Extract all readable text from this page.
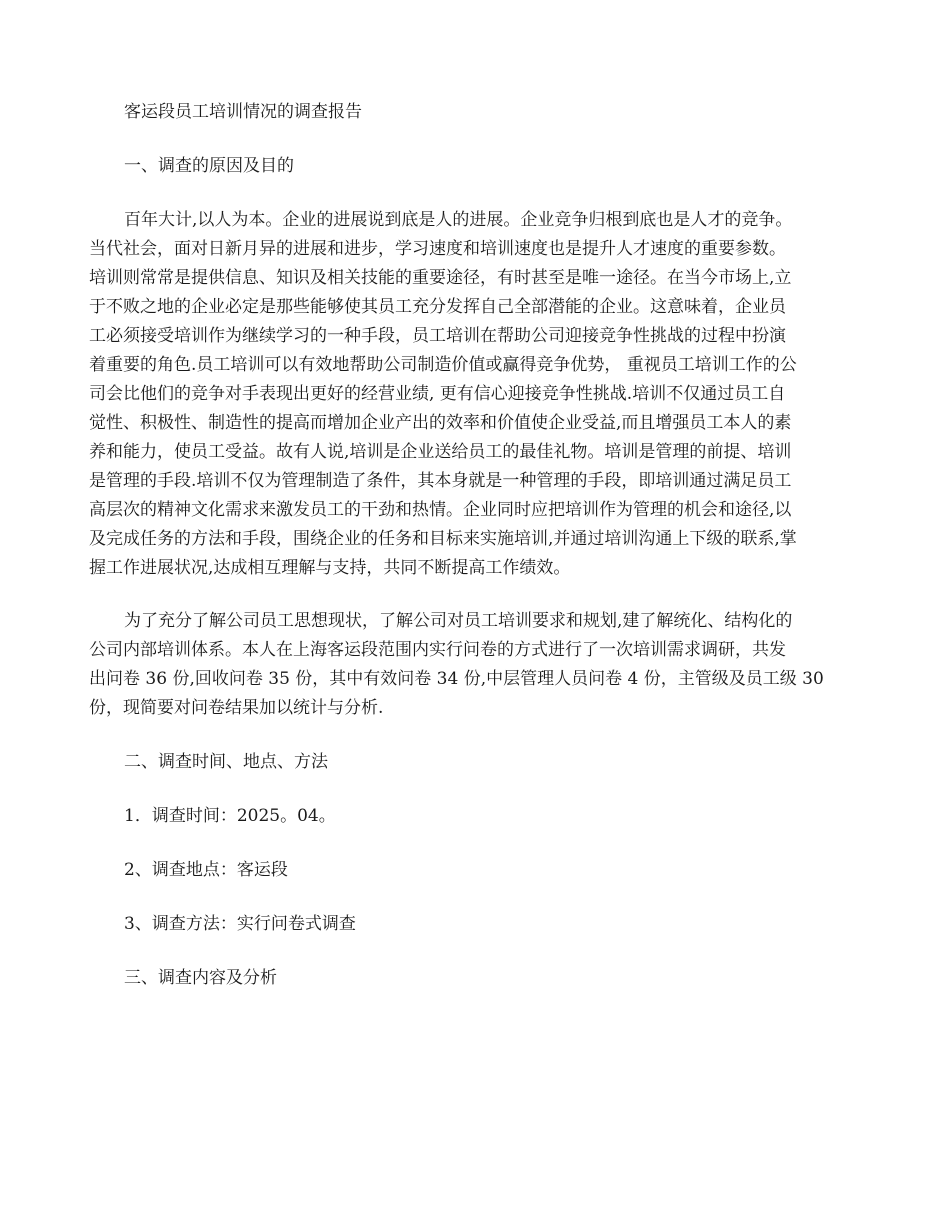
客运段员工培训情况的调查报告

一、调查的原因及目的

百年大计,以人为本。企业的进展说到底是人的进展。企业竞争归根到底也是人才的竞争。

当代社会，面对日新月异的进展和进步，学习速度和培训速度也是提升人才速度的重要参数。

培训则常常是提供信息、知识及相关技能的重要途径，有时甚至是唯一途径。在当今市场上,立

于不败之地的企业必定是那些能够使其员工充分发挥自己全部潜能的企业。这意味着，企业员

工必须接受培训作为继续学习的一种手段，员工培训在帮助公司迎接竞争性挑战的过程中扮演

着重要的角色.员工培训可以有效地帮助公司制造价值或赢得竞争优势， 重视员工培训工作的公

司会比他们的竞争对手表现出更好的经营业绩, 更有信心迎接竞争性挑战.培训不仅通过员工自

觉性、积极性、制造性的提高而增加企业产出的效率和价值使企业受益,而且增强员工本人的素

养和能力，使员工受益。故有人说,培训是企业送给员工的最佳礼物。培训是管理的前提、培训

是管理的手段.培训不仅为管理制造了条件，其本身就是一种管理的手段，即培训通过满足员工

高层次的精神文化需求来激发员工的干劲和热情。企业同时应把培训作为管理的机会和途径,以

及完成任务的方法和手段，围绕企业的任务和目标来实施培训,并通过培训沟通上下级的联系,掌

握工作进展状况,达成相互理解与支持，共同不断提高工作绩效。

为了充分了解公司员工思想现状，了解公司对员工培训要求和规划,建了解统化、结构化的

公司内部培训体系。本人在上海客运段范围内实行问卷的方式进行了一次培训需求调研，共发

出问卷 36 份,回收问卷 35 份，其中有效问卷 34 份,中层管理人员问卷 4 份，主管级及员工级 30

份，现简要对问卷结果加以统计与分析.

二、调查时间、地点、方法

1．调查时间：2025。04。

2、调查地点：客运段

3、调查方法：实行问卷式调查

三、调查内容及分析
